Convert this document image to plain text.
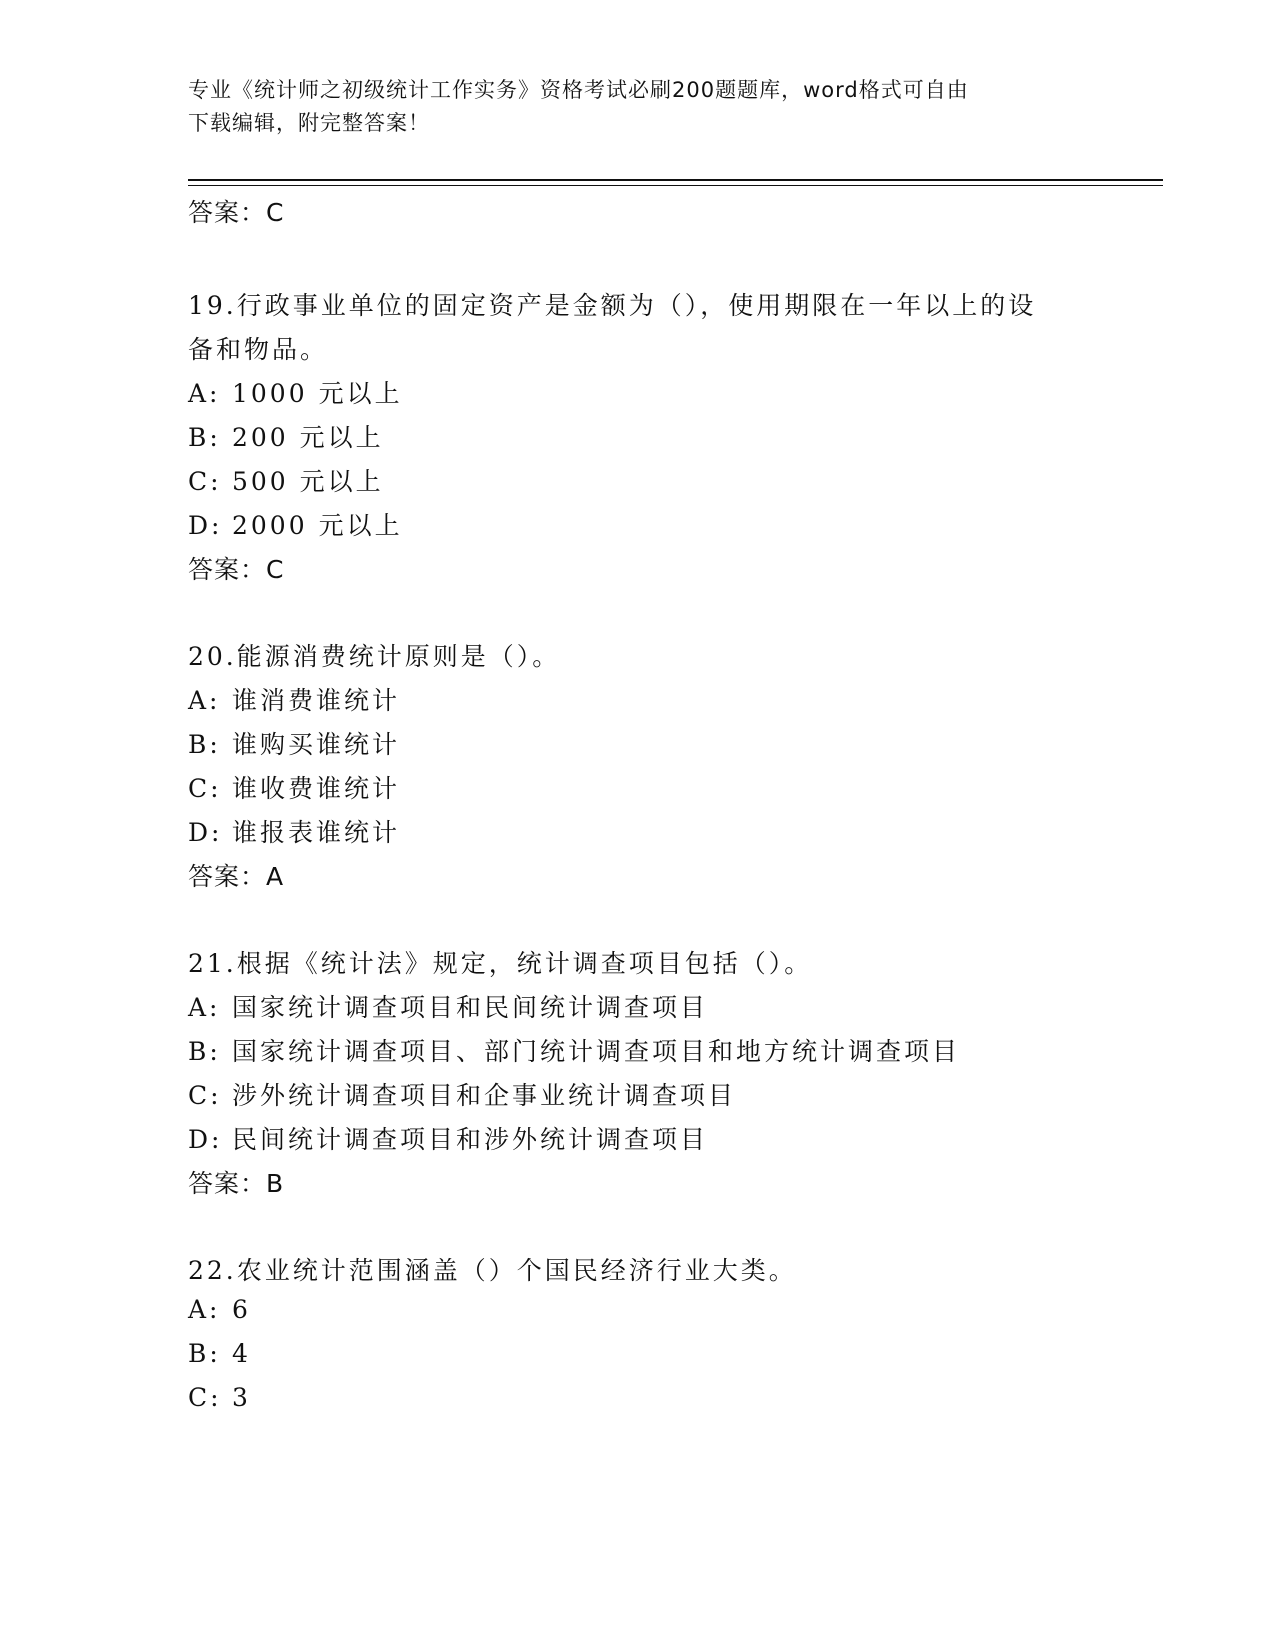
专业《统计师之初级统计工作实务》资格考试必刷200题题库，word格式可自由
下载编辑，附完整答案！
答案：C
19.行政事业单位的固定资产是金额为（），使用期限在一年以上的设
备和物品。
A: 1000 元以上
B: 200 元以上
C: 500 元以上
D: 2000 元以上
答案：C
20.能源消费统计原则是（）。
A: 谁消费谁统计
B: 谁购买谁统计
C: 谁收费谁统计
D: 谁报表谁统计
答案：A
21.根据《统计法》规定，统计调查项目包括（）。
A: 国家统计调查项目和民间统计调查项目
B: 国家统计调查项目、部门统计调查项目和地方统计调查项目
C: 涉外统计调查项目和企事业统计调查项目
D: 民间统计调查项目和涉外统计调查项目
答案：B
22.农业统计范围涵盖（）个国民经济行业大类。
A: 6
B: 4
C: 3
